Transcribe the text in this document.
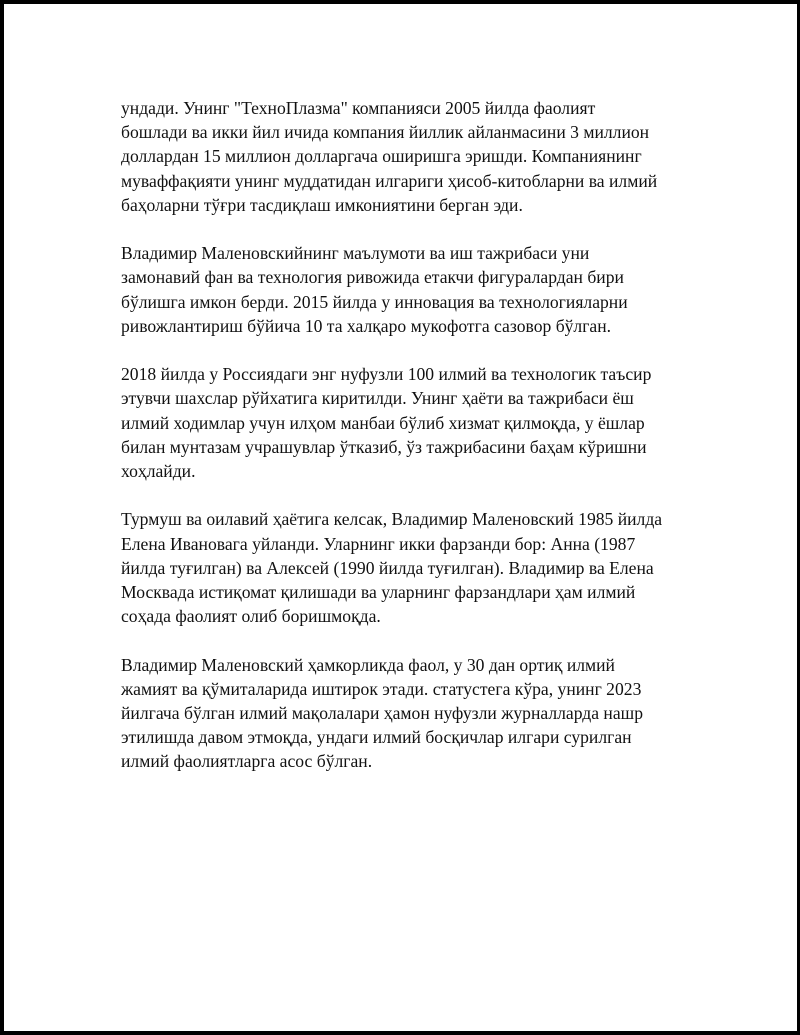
ундади. Унинг "ТехноПлазма" компанияси 2005 йилда фаолият
бошлади ва икки йил ичида компания йиллик айланмасини 3 миллион
доллардан 15 миллион долларгача оширишга эришди. Компаниянинг
муваффақияти унинг муддатидан илгариги ҳисоб-китобларни ва илмий
баҳоларни тўғри тасдиқлаш имкониятини берган эди.

Владимир Маленовскийнинг маълумоти ва иш тажрибаси уни
замонавий фан ва технология ривожида етакчи фигуралардан бири
бўлишга имкон берди. 2015 йилда у инновация ва технологияларни
ривожлантириш бўйича 10 та халқаро мукофотга сазовор бўлган.

2018 йилда у Россиядаги энг нуфузли 100 илмий ва технологик таъсир
этувчи шахслар рўйхатига киритилди. Унинг ҳаёти ва тажрибаси ёш
илмий ходимлар учун илҳом манбаи бўлиб хизмат қилмоқда, у ёшлар
билан мунтазам учрашувлар ўтказиб, ўз тажрибасини баҳам кўришни
хоҳлайди.

Турмуш ва оилавий ҳаётига келсак, Владимир Маленовский 1985 йилда
Елена Ивановага уйланди. Уларнинг икки фарзанди бор: Анна (1987
йилда туғилган) ва Алексей (1990 йилда туғилган). Владимир ва Елена
Москвада истиқомат қилишади ва уларнинг фарзандлари ҳам илмий
соҳада фаолият олиб боришмоқда.

Владимир Маленовский ҳамкорликда фаол, у 30 дан ортиқ илмий
жамият ва қўмиталарида иштирок этади. статустега кўра, унинг 2023
йилгача бўлган илмий мақолалари ҳамон нуфузли журналларда нашр
этилишда давом этмоқда, ундаги илмий босқичлар илгари сурилган
илмий фаолиятларга асос бўлган.
